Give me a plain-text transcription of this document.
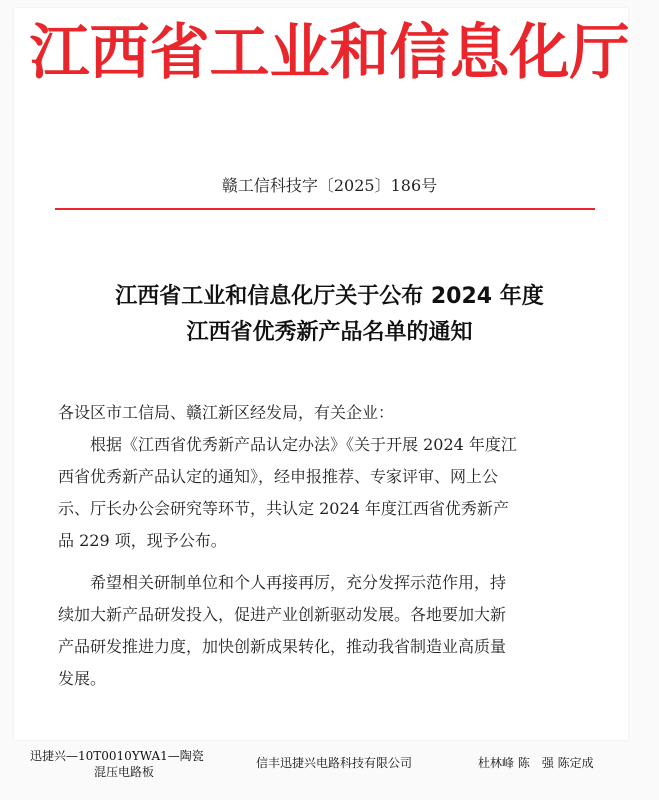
江西省工业和信息化厅
赣工信科技字〔2025〕186号
江西省工业和信息化厅关于公布 2024 年度
江西省优秀新产品名单的通知
各设区市工信局、赣江新区经发局，有关企业：
　　根据《江西省优秀新产品认定办法》《关于开展 2024 年度江
西省优秀新产品认定的通知》，经申报推荐、专家评审、网上公
示、厅长办公会研究等环节，共认定 2024 年度江西省优秀新产
品 229 项，现予公布。
　　希望相关研制单位和个人再接再厉，充分发挥示范作用，持
续加大新产品研发投入，促进产业创新驱动发展。各地要加大新
产品研发推进力度，加快创新成果转化，推动我省制造业高质量
发展。
迅捷兴—10T0010YWA1—陶瓷
混压电路板
信丰迅捷兴电路科技有限公司	杜林峰 陈　强 陈定成
